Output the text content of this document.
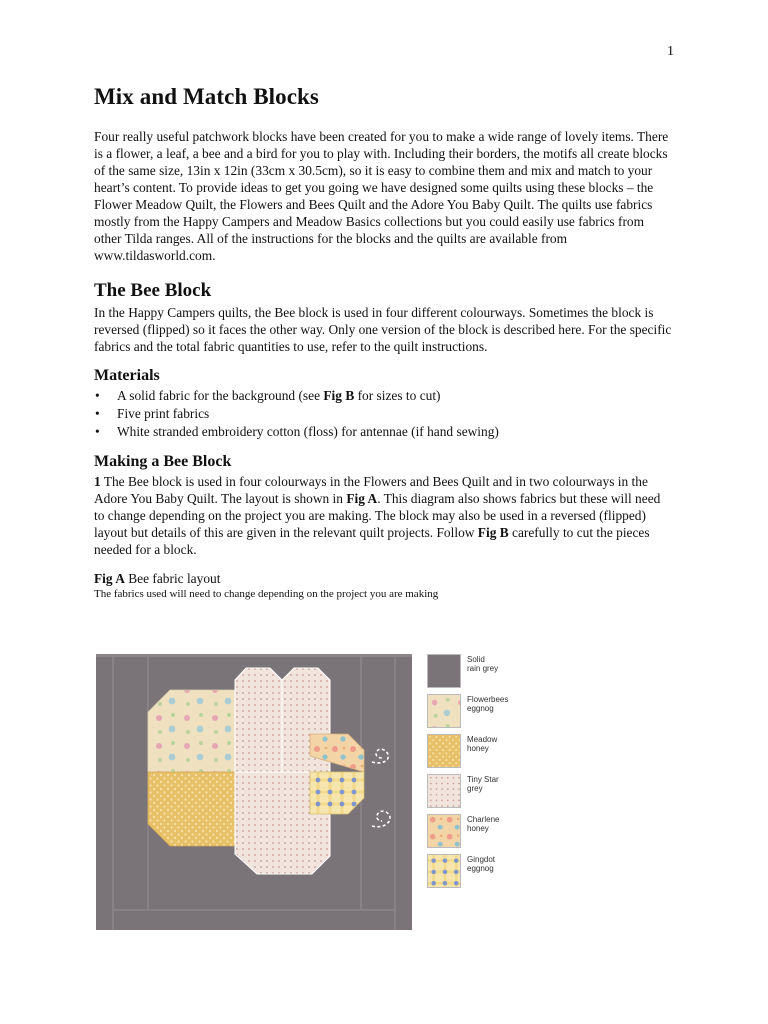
1
Mix and Match Blocks

Four really useful patchwork blocks have been created for you to make a wide range of lovely items. There is a flower, a leaf, a bee and a bird for you to play with. Including their borders, the motifs all create blocks of the same size, 13in x 12in (33cm x 30.5cm), so it is easy to combine them and mix and match to your heart’s content. To provide ideas to get you going we have designed some quilts using these blocks – the Flower Meadow Quilt, the Flowers and Bees Quilt and the Adore You Baby Quilt. The quilts use fabrics mostly from the Happy Campers and Meadow Basics collections but you could easily use fabrics from other Tilda ranges. All of the instructions for the blocks and the quilts are available from www.tildasworld.com.

The Bee Block

In the Happy Campers quilts, the Bee block is used in four different colourways. Sometimes the block is reversed (flipped) so it faces the other way. Only one version of the block is described here. For the specific fabrics and the total fabric quantities to use, refer to the quilt instructions.

Materials
• A solid fabric for the background (see Fig B for sizes to cut)
• Five print fabrics
• White stranded embroidery cotton (floss) for antennae (if hand sewing)
Making a Bee Block

1 The Bee block is used in four colourways in the Flowers and Bees Quilt and in two colourways in the Adore You Baby Quilt. The layout is shown in Fig A. This diagram also shows fabrics but these will need to change depending on the project you are making. The block may also be used in a reversed (flipped) layout but details of this are given in the relevant quilt projects. Follow Fig B carefully to cut the pieces needed for a block.

Fig A Bee fabric layout
The fabrics used will need to change depending on the project you are making
Solid
rain grey
Flowerbees
eggnog
Meadow
honey
Tiny Star
grey
Charlene
honey
Gingdot
eggnog
